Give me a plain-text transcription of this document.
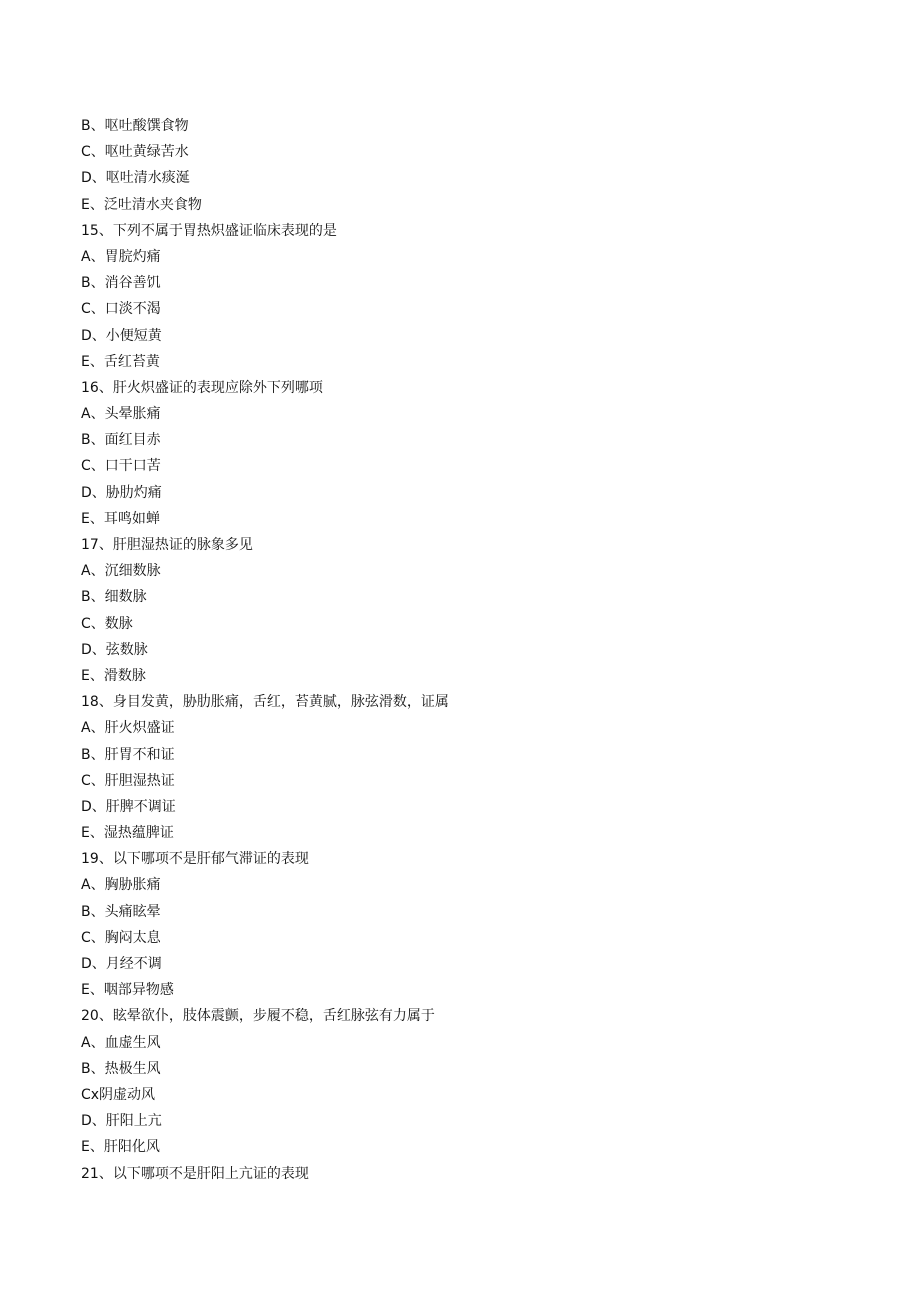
B、呕吐酸馔食物
C、呕吐黄绿苦水
D、呕吐清水痰涎
E、泛吐清水夹食物
15、下列不属于胃热炽盛证临床表现的是
A、胃脘灼痛
B、消谷善饥
C、口淡不渴
D、小便短黄
E、舌红苔黄
16、肝火炽盛证的表现应除外下列哪项
A、头晕胀痛
B、面红目赤
C、口干口苦
D、胁肋灼痛
E、耳鸣如蝉
17、肝胆湿热证的脉象多见
A、沉细数脉
B、细数脉
C、数脉
D、弦数脉
E、滑数脉
18、身目发黄，胁肋胀痛，舌红，苔黄腻，脉弦滑数，证属
A、肝火炽盛证
B、肝胃不和证
C、肝胆湿热证
D、肝脾不调证
E、湿热蕴脾证
19、以下哪项不是肝郁气滞证的表现
A、胸胁胀痛
B、头痛眩晕
C、胸闷太息
D、月经不调
E、咽部异物感
20、眩晕欲仆，肢体震颤，步履不稳，舌红脉弦有力属于
A、血虚生风
B、热极生风
Cx阴虚动风
D、肝阳上亢
E、肝阳化风
21、以下哪项不是肝阳上亢证的表现
